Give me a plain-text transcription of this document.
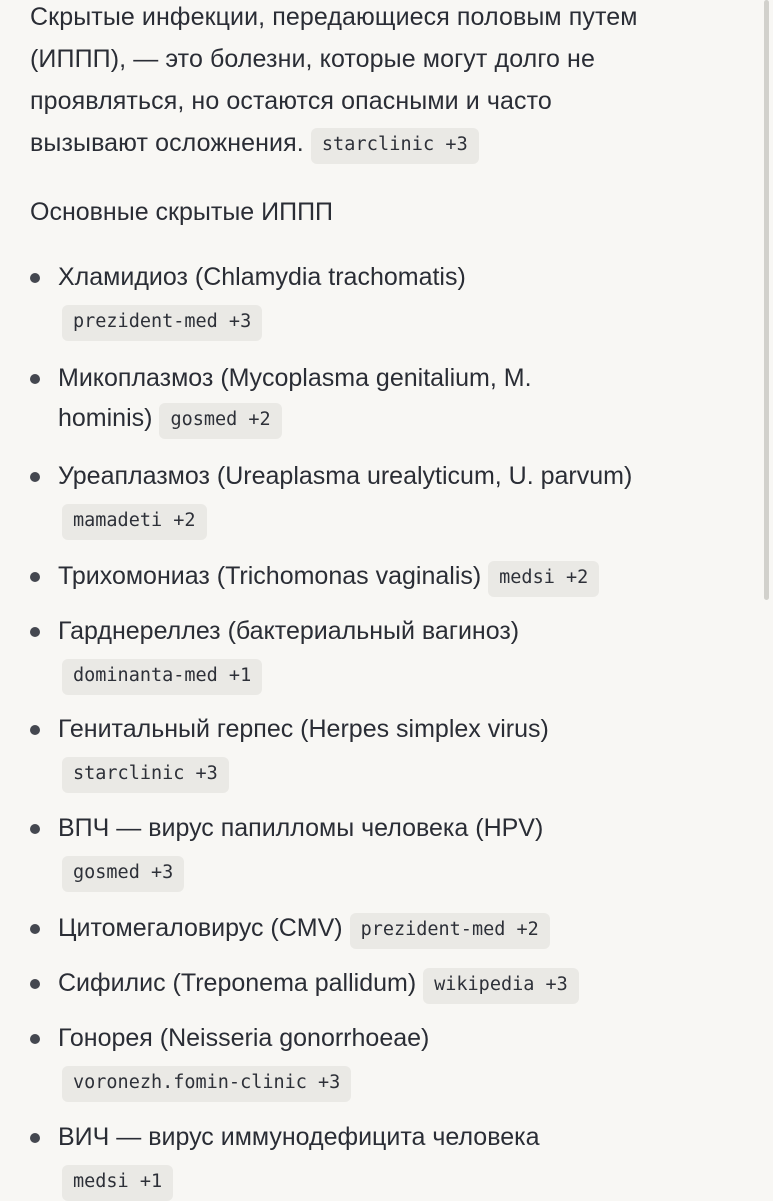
Скрытые инфекции, передающиеся половым путем
(ИППП), — это болезни, которые могут долго не
проявляться, но остаются опасными и часто
вызывают осложнения. starclinic +3

Основные скрытые ИППП
Хламидиоз (Chlamydia trachomatis)
prezident-med +3
Микоплазмоз (Mycoplasma genitalium, M.
hominis) gosmed +2
Уреаплазмоз (Ureaplasma urealyticum, U. parvum)
mamadeti +2
Трихомониаз (Trichomonas vaginalis) medsi +2
Гарднереллез (бактериальный вагиноз)
dominanta-med +1
Генитальный герпес (Herpes simplex virus)
starclinic +3
ВПЧ — вирус папилломы человека (HPV)
gosmed +3
Цитомегаловирус (CMV) prezident-med +2
Сифилис (Treponema pallidum) wikipedia +3
Гонорея (Neisseria gonorrhoeae)
voronezh.fomin-clinic +3
ВИЧ — вирус иммунодефицита человека
medsi +1
